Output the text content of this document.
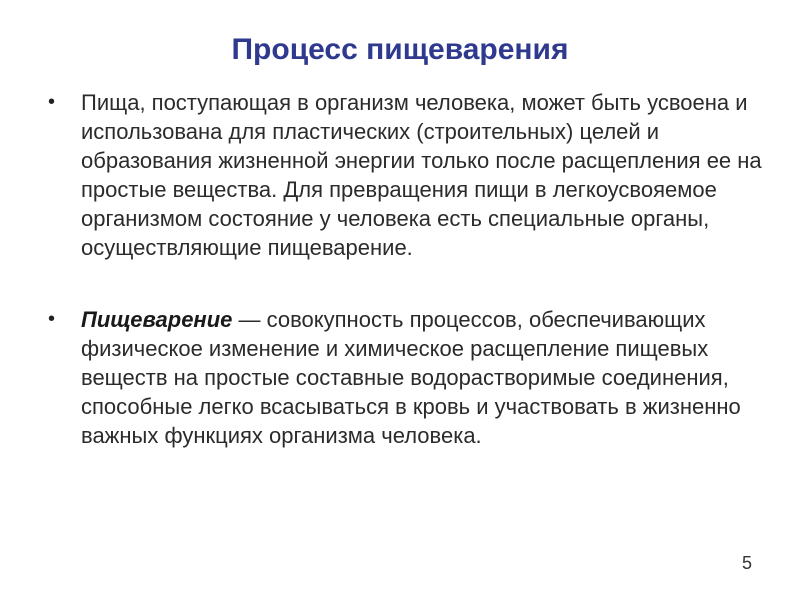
Процесс пищеварения
• Пища, поступающая в организм человека, может быть усвоена и использована для пластических (строительных) целей и образования жизненной энергии только после расщепления ее на простые вещества. Для превращения пищи в легкоусвояемое организмом состояние у человека есть специальные органы, осуществляющие пищеварение.
• Пищеварение — совокупность процессов, обеспечивающих физическое изменение и химическое расщепление пищевых веществ на простые составные водорастворимые соединения, способные легко всасываться в кровь и участвовать в жизненно важных функциях организма человека.
5
